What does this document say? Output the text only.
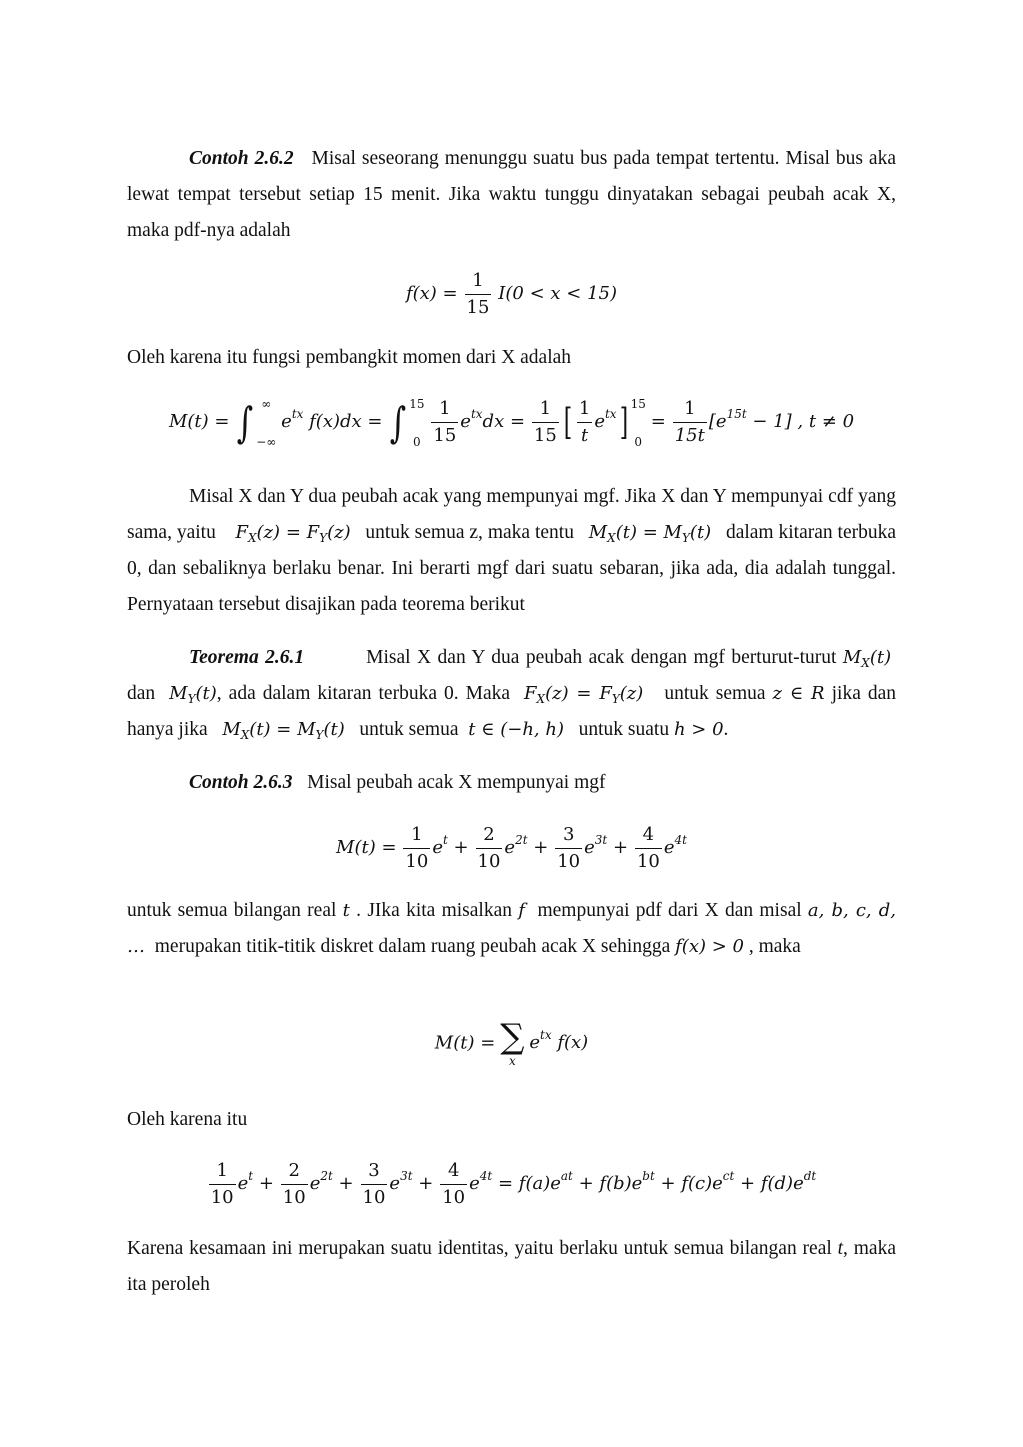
Contoh 2.6.2 Misal seseorang menunggu suatu bus pada tempat tertentu. Misal bus aka lewat tempat tersebut setiap 15 menit. Jika waktu tunggu dinyatakan sebagai peubah acak X, maka pdf-nya adalah

$f(x) = \frac{1}{15} I(0 < x < 15)$

Oleh karena itu fungsi pembangkit momen dari X adalah

M(t) = ∫ ∞
−∞ $e^{tx}$ f(x)dx = ∫ 15
$0 \frac{1}{15} e^{tx}dx = \frac{1}{15}$ [ $\frac{1}{t} e^{tx}$] 15
$0 = \frac{1}{15t} [e^{15t} - 1]$ , t ≠ 0

Misal X dan Y dua peubah acak yang mempunyai mgf. Jika X dan Y mempunyai cdf yang sama, yaitu $F_X(z) = F_Y(z)$ untuk semua z, maka tentu $M_X(t) = M_Y(t)$ dalam kitaran terbuka 0, dan sebaliknya berlaku benar. Ini berarti mgf dari suatu sebaran, jika ada, dia adalah tunggal. Pernyataan tersebut disajikan pada teorema berikut

Teorema 2.6.1	Misal X dan Y dua peubah acak dengan mgf berturut-turut $M_X(t)$  dan $M_Y(t)$, ada dalam kitaran terbuka 0. Maka $F_X(z) = F_Y(z)$ untuk semua z ∈ R jika dan hanya jika $M_X(t) = M_Y(t)$ untuk semua t ∈ (−h, h) untuk suatu h > 0.

Contoh 2.6.3 Misal peubah acak X mempunyai mgf

$M(t) = \frac{1}{10} e^t + \frac{2}{10} e^{2t} + \frac{3}{10} e^{3t} + \frac{4}{10} e^{4t}$

untuk semua bilangan real t . JIka kita misalkan f mempunyai pdf dari X dan misal a, b, c, d, … merupakan titik-titik diskret dalam ruang peubah acak X sehingga f(x) > 0 , maka

M(t) = ∑
x
$e^{tx}$ f(x)

Oleh karena itu

$\frac{1}{10} e^t + \frac{2}{10} e^{2t} + \frac{3}{10} e^{3t} + \frac{4}{10} e^{4t} = f(a)e^{at} + f(b)e^{bt} + f(c)e^{ct} + f(d)e^{dt}$

Karena kesamaan ini merupakan suatu identitas, yaitu berlaku untuk semua bilangan real t, maka ita peroleh
